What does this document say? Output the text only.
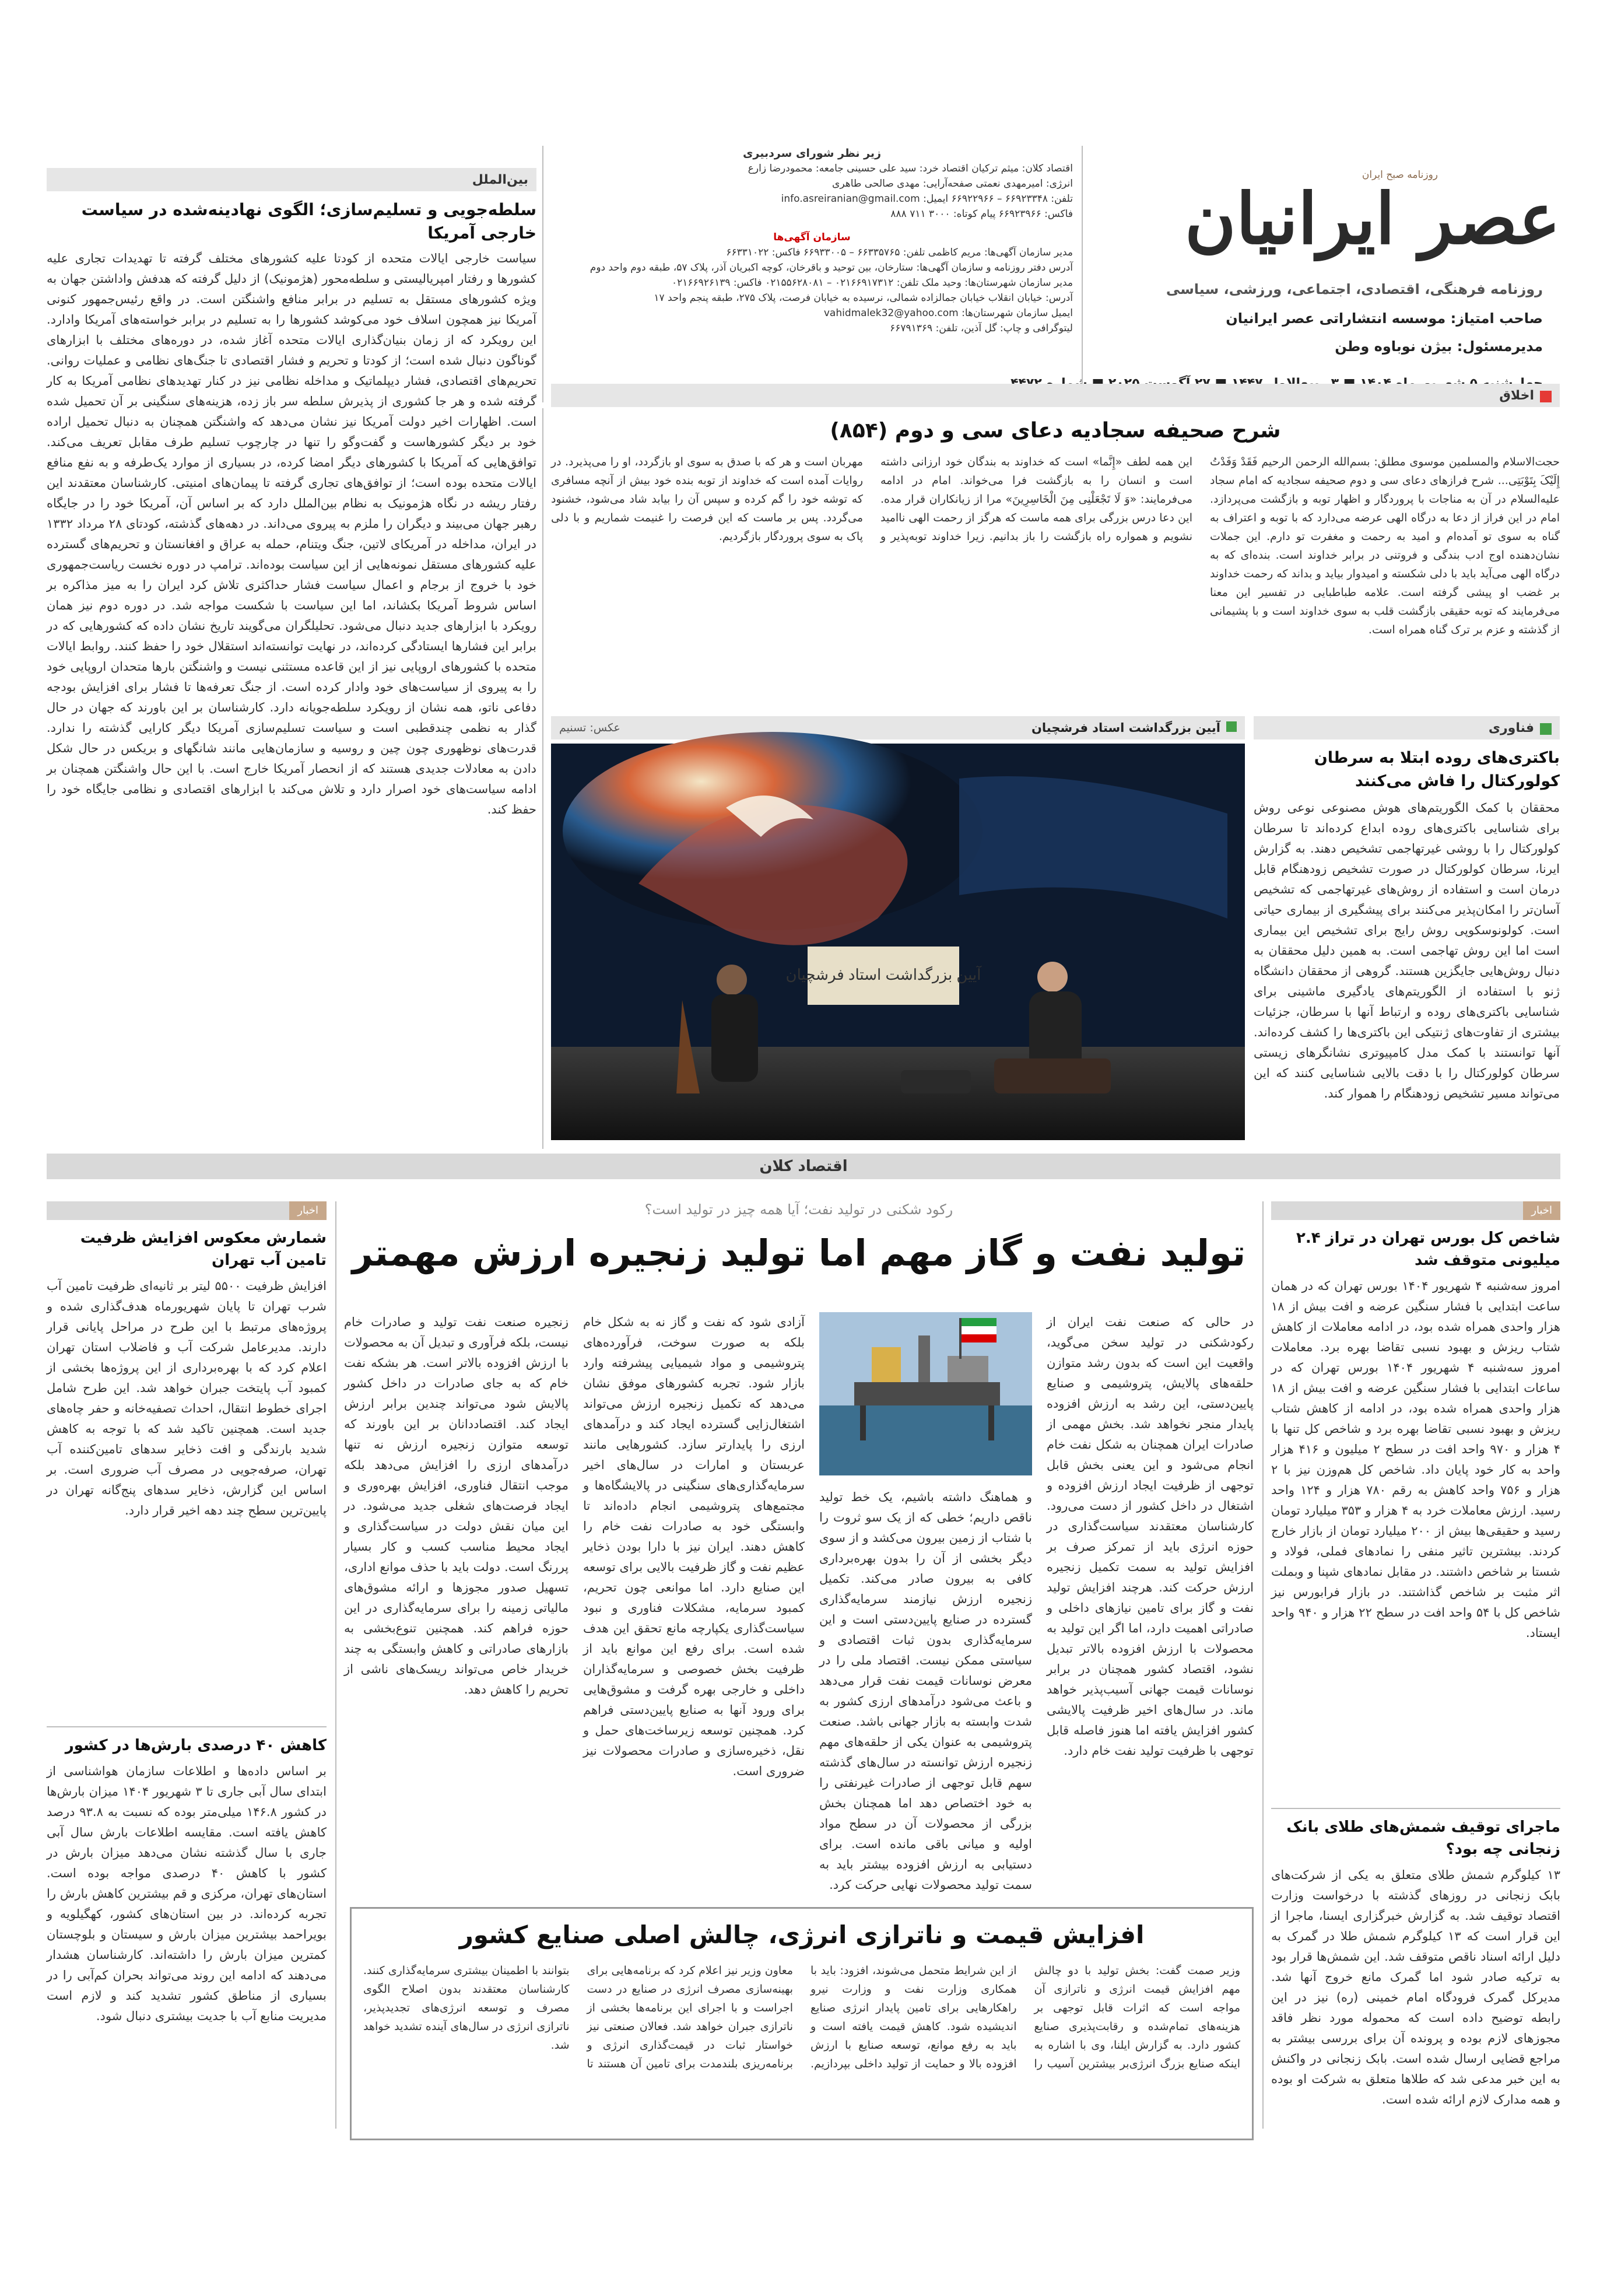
روزنامه صبح ایران
عصر ایرانیان
روزنامه فرهنگی، اقتصادی، اجتماعی، ورزشی، سیاسی
صاحب امتیاز: موسسه انتشاراتی عصر ایرانیان
مدیرمسئول: بیژن نوباوه وطن
زیر نظر شورای سردبیری
اقتصاد کلان: میثم ترکیان اقتصاد خرد: سید علی حسینی جامعه: محمودرضا زارع
انرژی: امیرمهدی نعمتی صفحه‌آرایی: مهدی صالحی طاهری
تلفن: ۶۶۹۲۳۳۴۸ – ۶۶۹۲۲۹۶۶ ایمیل: info.asreiranian@gmail.com
فاکس: ۶۶۹۲۳۹۶۶ پیام کوتاه: ۳۰۰۰ ۷۱۱ ۸۸۸
سازمان آگهی‌ها
مدیر سازمان آگهی‌ها: مریم کاظمی تلفن: ۶۶۳۳۵۷۶۵ – ۶۶۹۳۳۰۰۵ فاکس: ۶۶۳۳۱۰۲۲
آدرس دفتر روزنامه و سازمان آگهی‌ها: ستارخان، بین توحید و باقرخان، کوچه اکبریان آذر، پلاک ۵۷، طبقه دوم واحد دوم
مدیر سازمان شهرستان‌ها: وحید ملک تلفن: ۰۲۱۶۶۹۱۷۳۱۲ – ۰۲۱۵۵۶۲۸۰۸۱ فاکس: ۰۲۱۶۶۹۲۶۱۳۹
آدرس: خیابان انقلاب خیابان جمالزاده شمالی، نرسیده به خیابان فرصت، پلاک ۲۷۵، طبقه پنجم واحد ۱۷
ایمیل سازمان شهرستان‌ها: vahidmalek32@yahoo.com
لیتوگرافی و چاپ: گل آذین، تلفن: ۶۶۷۹۱۳۶۹
بین‌الملل
سلطه‌جویی و تسلیم‌سازی؛ الگوی نهادینه‌شده در سیاست خارجی آمریکا
سیاست خارجی ایالات متحده از کودتا علیه کشورهای مختلف گرفته تا تهدیدات تجاری علیه کشورها و رفتار امپریالیستی و سلطه‌محور (هژمونیک) از دلیل گرفته که هدفش واداشتن جهان به ویژه کشورهای مستقل به تسلیم در برابر منافع واشنگتن است. در واقع رئیس‌جمهور کنونی آمریکا نیز همچون اسلاف خود می‌کوشد کشورها را به تسلیم در برابر خواسته‌های آمریکا وادارد. این رویکرد که از زمان بنیان‌گذاری ایالات متحده آغاز شده، در دوره‌های مختلف با ابزارهای گوناگون دنبال شده است؛ از کودتا و تحریم و فشار اقتصادی تا جنگ‌های نظامی و عملیات روانی. تحریم‌های اقتصادی، فشار دیپلماتیک و مداخله نظامی نیز در کنار تهدیدهای نظامی آمریکا به کار گرفته شده و هر جا کشوری از پذیرش سلطه سر باز زده، هزینه‌های سنگینی بر آن تحمیل شده است. اظهارات اخیر دولت آمریکا نیز نشان می‌دهد که واشنگتن همچنان به دنبال تحمیل اراده خود بر دیگر کشورهاست و گفت‌وگو را تنها در چارچوب تسلیم طرف مقابل تعریف می‌کند. توافق‌هایی که آمریکا با کشورهای دیگر امضا کرده، در بسیاری از موارد یک‌طرفه و به نفع منافع ایالات متحده بوده است؛ از توافق‌های تجاری گرفته تا پیمان‌های امنیتی. کارشناسان معتقدند این رفتار ریشه در نگاه هژمونیک به نظام بین‌الملل دارد که بر اساس آن، آمریکا خود را در جایگاه رهبر جهان می‌بیند و دیگران را ملزم به پیروی می‌داند. در دهه‌های گذشته، کودتای ۲۸ مرداد ۱۳۳۲ در ایران، مداخله در آمریکای لاتین، جنگ ویتنام، حمله به عراق و افغانستان و تحریم‌های گسترده علیه کشورهای مستقل نمونه‌هایی از این سیاست بوده‌اند. ترامپ در دوره نخست ریاست‌جمهوری خود با خروج از برجام و اعمال سیاست فشار حداکثری تلاش کرد ایران را به میز مذاکره بر اساس شروط آمریکا بکشاند، اما این سیاست با شکست مواجه شد. در دوره دوم نیز همان رویکرد با ابزارهای جدید دنبال می‌شود. تحلیلگران می‌گویند تاریخ نشان داده که کشورهایی که در برابر این فشارها ایستادگی کرده‌اند، در نهایت توانسته‌اند استقلال خود را حفظ کنند. روابط ایالات متحده با کشورهای اروپایی نیز از این قاعده مستثنی نیست و واشنگتن بارها متحدان اروپایی خود را به پیروی از سیاست‌های خود وادار کرده است. از جنگ تعرفه‌ها تا فشار برای افزایش بودجه دفاعی ناتو، همه نشان از رویکرد سلطه‌جویانه دارد. کارشناسان بر این باورند که جهان در حال گذار به نظمی چندقطبی است و سیاست تسلیم‌سازی آمریکا دیگر کارایی گذشته را ندارد. قدرت‌های نوظهوری چون چین و روسیه و سازمان‌هایی مانند شانگهای و بریکس در حال شکل دادن به معادلات جدیدی هستند که از انحصار آمریکا خارج است. با این حال واشنگتن همچنان بر ادامه سیاست‌های خود اصرار دارد و تلاش می‌کند با ابزارهای اقتصادی و نظامی جایگاه خود را حفظ کند.
اخلاق
شرح صحیفه سجادیه دعای سی و دوم (۸۵۴)
حجت‌الاسلام والمسلمین موسوی مطلق: بسم‌الله الرحمن الرحیم فَقَدْ وَفَدْتُ إِلَیْکَ بِتَوْبَتِی... شرح فرازهای دعای سی و دوم صحیفه سجادیه که امام سجاد علیه‌السلام در آن به مناجات با پروردگار و اظهار توبه و بازگشت می‌پردازد. امام در این فراز از دعا به درگاه الهی عرضه می‌دارد که با توبه و اعتراف به گناه به سوی تو آمده‌ام و امید به رحمت و مغفرت تو دارم. این جملات نشان‌دهنده اوج ادب بندگی و فروتنی در برابر خداوند است. بنده‌ای که به درگاه الهی می‌آید باید با دلی شکسته و امیدوار بیاید و بداند که رحمت خداوند بر غضب او پیشی گرفته است. علامه طباطبایی در تفسیر این معنا می‌فرمایند که توبه حقیقی بازگشت قلب به سوی خداوند است و با پشیمانی از گذشته و عزم بر ترک گناه همراه است.
این همه لطف «إِنَّما» است که خداوند به بندگان خود ارزانی داشته است و انسان را به بازگشت فرا می‌خواند. امام در ادامه می‌فرمایند: «وَ لَا تَجْعَلْنِی مِنَ الْخَاسِرِینَ» مرا از زیانکاران قرار مده. این دعا درس بزرگی برای همه ماست که هرگز از رحمت الهی ناامید نشویم و همواره راه بازگشت را باز بدانیم. زیرا خداوند توبه‌پذیر و مهربان است و هر که با صدق به سوی او بازگردد، او را می‌پذیرد. در روایات آمده است که خداوند از توبه بنده خود بیش از آنچه مسافری که توشه خود را گم کرده و سپس آن را بیابد شاد می‌شود، خشنود می‌گردد. پس بر ماست که این فرصت را غنیمت شماریم و با دلی پاک به سوی پروردگار بازگردیم.
آیین بزرگداشت استاد فرشچیان
عکس: تسنیم
آیین بزرگداشت استاد فرشچیان
فناوری
باکتری‌های روده ابتلا به سرطان کولورکتال را فاش می‌کنند
محققان با کمک الگوریتم‌های هوش مصنوعی نوعی روش برای شناسایی باکتری‌های روده ابداع کرده‌اند تا سرطان کولورکتال را با روشی غیرتهاجمی تشخیص دهند. به گزارش ایرنا، سرطان کولورکتال در صورت تشخیص زودهنگام قابل درمان است و استفاده از روش‌های غیرتهاجمی که تشخیص آسان‌تر را امکان‌پذیر می‌کنند برای پیشگیری از بیماری حیاتی است. کولونوسکوپی روش رایج برای تشخیص این بیماری است اما این روش تهاجمی است. به همین دلیل محققان به دنبال روش‌هایی جایگزین هستند. گروهی از محققان دانشگاه ژنو با استفاده از الگوریتم‌های یادگیری ماشینی برای شناسایی باکتری‌های روده و ارتباط آنها با سرطان، جزئیات بیشتری از تفاوت‌های ژنتیکی این باکتری‌ها را کشف کرده‌اند. آنها توانستند با کمک مدل کامپیوتری نشانگرهای زیستی سرطان کولورکتال را با دقت بالایی شناسایی کنند که این می‌تواند مسیر تشخیص زودهنگام را هموار کند.
اقتصاد کلان
اخبار
شاخص کل بورس تهران در تراز ۲.۴ میلیونی متوقف شد
امروز سه‌شنبه ۴ شهریور ۱۴۰۴ بورس تهران که در همان ساعت ابتدایی با فشار سنگین عرضه و افت بیش از ۱۸ هزار واحدی همراه شده بود، در ادامه معاملات از کاهش شتاب ریزش و بهبود نسبی تقاضا بهره برد. معاملات امروز سه‌شنبه ۴ شهریور ۱۴۰۴ بورس تهران که در ساعات ابتدایی با فشار سنگین عرضه و افت بیش از ۱۸ هزار واحدی همراه شده بود، در ادامه از کاهش شتاب ریزش و بهبود نسبی تقاضا بهره برد و شاخص کل تنها با ۴ هزار و ۹۷۰ واحد افت در سطح ۲ میلیون و ۴۱۶ هزار واحد به کار خود پایان داد. شاخص کل هم‌وزن نیز با ۲ هزار و ۷۵۶ واحد کاهش به رقم ۷۸۰ هزار و ۱۲۴ واحد رسید. ارزش معاملات خرد به ۴ هزار و ۳۵۳ میلیارد تومان رسید و حقیقی‌ها بیش از ۲۰۰ میلیارد تومان از بازار خارج کردند. بیشترین تاثیر منفی را نمادهای فملی، فولاد و شستا بر شاخص داشتند. در مقابل نمادهای شپنا و وبملت اثر مثبت بر شاخص گذاشتند. در بازار فرابورس نیز شاخص کل با ۵۴ واحد افت در سطح ۲۲ هزار و ۹۴۰ واحد ایستاد.
ماجرای توقیف شمش‌های طلای بانک زنجانی چه بود؟
۱۳ کیلوگرم شمش طلای متعلق به یکی از شرکت‌های بابک زنجانی در روزهای گذشته با درخواست وزارت اقتصاد توقیف شد. به گزارش خبرگزاری ایسنا، ماجرا از این قرار است که ۱۳ کیلوگرم شمش طلا در گمرک به دلیل ارائه اسناد ناقص متوقف شد. این شمش‌ها قرار بود به ترکیه صادر شود اما گمرک مانع خروج آنها شد. مدیرکل گمرک فرودگاه امام خمینی (ره) نیز در این رابطه توضیح داده است که محموله مورد نظر فاقد مجوزهای لازم بوده و پرونده آن برای بررسی بیشتر به مراجع قضایی ارسال شده است. بابک زنجانی در واکنش به این خبر مدعی شد که طلاها متعلق به شرکت او بوده و همه مدارک لازم ارائه شده است.
اخبار
شمارش معکوس افزایش ظرفیت تامین آب تهران
افزایش ظرفیت ۵۵۰۰ لیتر بر ثانیه‌ای ظرفیت تامین آب شرب تهران تا پایان شهریورماه هدف‌گذاری شده و پروژه‌های مرتبط با این طرح در مراحل پایانی قرار دارند. مدیرعامل شرکت آب و فاضلاب استان تهران اعلام کرد که با بهره‌برداری از این پروژه‌ها بخشی از کمبود آب پایتخت جبران خواهد شد. این طرح شامل اجرای خطوط انتقال، احداث تصفیه‌خانه و حفر چاه‌های جدید است. همچنین تاکید شد که با توجه به کاهش شدید بارندگی و افت ذخایر سدهای تامین‌کننده آب تهران، صرفه‌جویی در مصرف آب ضروری است. بر اساس این گزارش، ذخایر سدهای پنج‌گانه تهران در پایین‌ترین سطح چند دهه اخیر قرار دارد.
کاهش ۴۰ درصدی بارش‌ها در کشور
بر اساس داده‌ها و اطلاعات سازمان هواشناسی از ابتدای سال آبی جاری تا ۳ شهریور ۱۴۰۴ میزان بارش‌ها در کشور ۱۴۶.۸ میلی‌متر بوده که نسبت به ۹۳.۸ درصد کاهش یافته است. مقایسه اطلاعات بارش سال آبی جاری با سال گذشته نشان می‌دهد میزان بارش در کشور با کاهش ۴۰ درصدی مواجه بوده است. استان‌های تهران، مرکزی و قم بیشترین کاهش بارش را تجربه کرده‌اند. در بین استان‌های کشور، کهگیلویه و بویراحمد بیشترین میزان بارش و سیستان و بلوچستان کمترین میزان بارش را داشته‌اند. کارشناسان هشدار می‌دهند که ادامه این روند می‌تواند بحران کم‌آبی را در بسیاری از مناطق کشور تشدید کند و لازم است مدیریت منابع آب با جدیت بیشتری دنبال شود.
رکود شکنی در تولید نفت؛ آیا همه چیز در تولید است؟
تولید نفت و گاز مهم اما تولید زنجیره ارزش مهمتر
در حالی که صنعت نفت ایران از رکودشکنی در تولید سخن می‌گوید، واقعیت این است که بدون رشد متوازن حلقه‌های پالایش، پتروشیمی و صنایع پایین‌دستی، این رشد به ارزش افزوده پایدار منجر نخواهد شد. بخش مهمی از صادرات ایران همچنان به شکل نفت خام انجام می‌شود و این یعنی بخش قابل توجهی از ظرفیت ایجاد ارزش افزوده و اشتغال در داخل کشور از دست می‌رود. کارشناسان معتقدند سیاست‌گذاری در حوزه انرژی باید از تمرکز صرف بر افزایش تولید به سمت تکمیل زنجیره ارزش حرکت کند. هرچند افزایش تولید نفت و گاز برای تامین نیازهای داخلی و صادراتی اهمیت دارد، اما اگر این تولید به محصولات با ارزش افزوده بالاتر تبدیل نشود، اقتصاد کشور همچنان در برابر نوسانات قیمت جهانی آسیب‌پذیر خواهد ماند. در سال‌های اخیر ظرفیت پالایشی کشور افزایش یافته اما هنوز فاصله قابل توجهی با ظرفیت تولید نفت خام دارد.
و هماهنگ داشته باشیم، یک خط تولید ناقص داریم؛ خطی که از یک سو ثروت را با شتاب از زمین بیرون می‌کشد و از سوی دیگر بخشی از آن را بدون بهره‌برداری کافی به بیرون صادر می‌کند. تکمیل زنجیره ارزش نیازمند سرمایه‌گذاری گسترده در صنایع پایین‌دستی است و این سرمایه‌گذاری بدون ثبات اقتصادی و سیاستی ممکن نیست. اقتصاد ملی را در معرض نوسانات قیمت نفت قرار می‌دهد و باعث می‌شود درآمدهای ارزی کشور به شدت وابسته به بازار جهانی باشد. صنعت پتروشیمی به عنوان یکی از حلقه‌های مهم زنجیره ارزش توانسته در سال‌های گذشته سهم قابل توجهی از صادرات غیرنفتی را به خود اختصاص دهد اما همچنان بخش بزرگی از محصولات آن در سطح مواد اولیه و میانی باقی مانده است. برای دستیابی به ارزش افزوده بیشتر باید به سمت تولید محصولات نهایی حرکت کرد.
آزادی شود که نفت و گاز نه به شکل خام بلکه به صورت سوخت، فرآورده‌های پتروشیمی و مواد شیمیایی پیشرفته وارد بازار شود. تجربه کشورهای موفق نشان می‌دهد که تکمیل زنجیره ارزش می‌تواند اشتغال‌زایی گسترده ایجاد کند و درآمدهای ارزی را پایدارتر سازد. کشورهایی مانند عربستان و امارات در سال‌های اخیر سرمایه‌گذاری‌های سنگینی در پالایشگاه‌ها و مجتمع‌های پتروشیمی انجام داده‌اند تا وابستگی خود به صادرات نفت خام را کاهش دهند. ایران نیز با دارا بودن ذخایر عظیم نفت و گاز ظرفیت بالایی برای توسعه این صنایع دارد. اما موانعی چون تحریم، کمبود سرمایه، مشکلات فناوری و نبود سیاست‌گذاری یکپارچه مانع تحقق این هدف شده است. برای رفع این موانع باید از ظرفیت بخش خصوصی و سرمایه‌گذاران داخلی و خارجی بهره گرفت و مشوق‌هایی برای ورود آنها به صنایع پایین‌دستی فراهم کرد. همچنین توسعه زیرساخت‌های حمل و نقل، ذخیره‌سازی و صادرات محصولات نیز ضروری است.
زنجیره صنعت نفت تولید و صادرات خام نیست، بلکه فرآوری و تبدیل آن به محصولات با ارزش افزوده بالاتر است. هر بشکه نفت خام که به جای صادرات در داخل کشور پالایش شود می‌تواند چندین برابر ارزش ایجاد کند. اقتصاددانان بر این باورند که توسعه متوازن زنجیره ارزش نه تنها درآمدهای ارزی را افزایش می‌دهد بلکه موجب انتقال فناوری، افزایش بهره‌وری و ایجاد فرصت‌های شغلی جدید می‌شود. در این میان نقش دولت در سیاست‌گذاری و ایجاد محیط مناسب کسب و کار بسیار پررنگ است. دولت باید با حذف موانع اداری، تسهیل صدور مجوزها و ارائه مشوق‌های مالیاتی زمینه را برای سرمایه‌گذاری در این حوزه فراهم کند. همچنین تنوع‌بخشی به بازارهای صادراتی و کاهش وابستگی به چند خریدار خاص می‌تواند ریسک‌های ناشی از تحریم را کاهش دهد.
افزایش قیمت و ناترازی انرژی، چالش اصلی صنایع کشور
وزیر صمت گفت: بخش تولید با دو چالش مهم افزایش قیمت انرژی و ناترازی آن مواجه است که اثرات قابل توجهی بر هزینه‌های تمام‌شده و رقابت‌پذیری صنایع کشور دارد. به گزارش ایلنا، وی با اشاره به اینکه صنایع بزرگ انرژی‌بر بیشترین آسیب را از این شرایط متحمل می‌شوند، افزود: باید با همکاری وزارت نفت و وزارت نیرو راهکارهایی برای تامین پایدار انرژی صنایع اندیشیده شود. کاهش قیمت یافته است و باید به رفع موانع، توسعه صنایع با ارزش افزوده بالا و حمایت از تولید داخلی بپردازیم. معاون وزیر نیز اعلام کرد که برنامه‌هایی برای بهینه‌سازی مصرف انرژی در صنایع در دست اجراست و با اجرای این برنامه‌ها بخشی از ناترازی جبران خواهد شد. فعالان صنعتی نیز خواستار ثبات در قیمت‌گذاری انرژی و برنامه‌ریزی بلندمدت برای تامین آن هستند تا بتوانند با اطمینان بیشتری سرمایه‌گذاری کنند. کارشناسان معتقدند بدون اصلاح الگوی مصرف و توسعه انرژی‌های تجدیدپذیر، ناترازی انرژی در سال‌های آینده تشدید خواهد شد.
